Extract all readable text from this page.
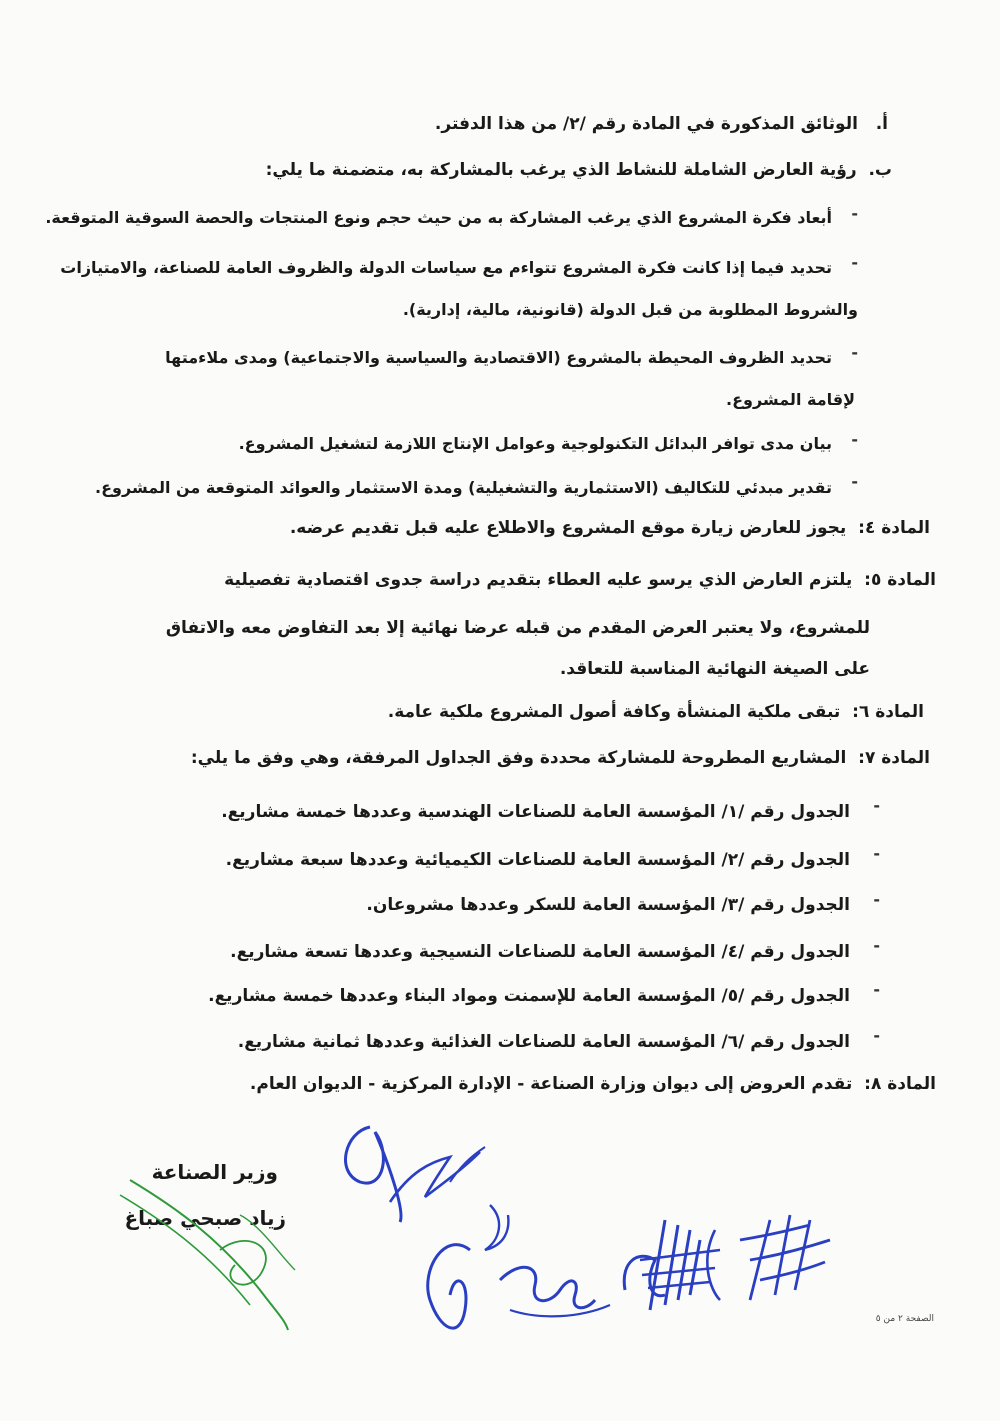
أ.   الوثائق المذكورة في المادة رقم /٢/ من هذا الدفتر.
ب.  رؤية العارض الشاملة للنشاط الذي يرغب بالمشاركة به، متضمنة ما يلي:
-
أبعاد فكرة المشروع الذي يرغب المشاركة به من حيث حجم ونوع المنتجات والحصة السوقية المتوقعة.
-
تحديد فيما إذا كانت فكرة المشروع تتواءم مع سياسات الدولة والظروف العامة للصناعة، والامتيازات
والشروط المطلوبة من قبل الدولة (قانونية، مالية، إدارية).
-
تحديد الظروف المحيطة بالمشروع (الاقتصادية والسياسية والاجتماعية) ومدى ملاءمتها
لإقامة المشروع.
-
بيان مدى توافر البدائل التكنولوجية وعوامل الإنتاج اللازمة لتشغيل المشروع.
-
تقدير مبدئي للتكاليف (الاستثمارية والتشغيلية) ومدة الاستثمار والعوائد المتوقعة من المشروع.
المادة ٤:  يجوز للعارض زيارة موقع المشروع والاطلاع عليه قبل تقديم عرضه.
المادة ٥:  يلتزم العارض الذي يرسو عليه العطاء بتقديم دراسة جدوى اقتصادية تفصيلية
للمشروع، ولا يعتبر العرض المقدم من قبله عرضا نهائية إلا بعد التفاوض معه والاتفاق
على الصيغة النهائية المناسبة للتعاقد.
المادة ٦:  تبقى ملكية المنشأة وكافة أصول المشروع ملكية عامة.
المادة ٧:  المشاريع المطروحة للمشاركة محددة وفق الجداول المرفقة، وهي وفق ما يلي:
-
الجدول رقم /١/ المؤسسة العامة للصناعات الهندسية وعددها خمسة مشاريع.
-
الجدول رقم /٢/ المؤسسة العامة للصناعات الكيميائية وعددها سبعة مشاريع.
-
الجدول رقم /٣/ المؤسسة العامة للسكر وعددها مشروعان.
-
الجدول رقم /٤/ المؤسسة العامة للصناعات النسيجية وعددها تسعة مشاريع.
-
الجدول رقم /٥/ المؤسسة العامة للإسمنت ومواد البناء وعددها خمسة مشاريع.
-
الجدول رقم /٦/ المؤسسة العامة للصناعات الغذائية وعددها ثمانية مشاريع.
المادة ٨:  تقدم العروض إلى ديوان وزارة الصناعة - الإدارة المركزية - الديوان العام.
وزير الصناعة
زياد صبحي صباغ
الصفحة ٢ من ٥
